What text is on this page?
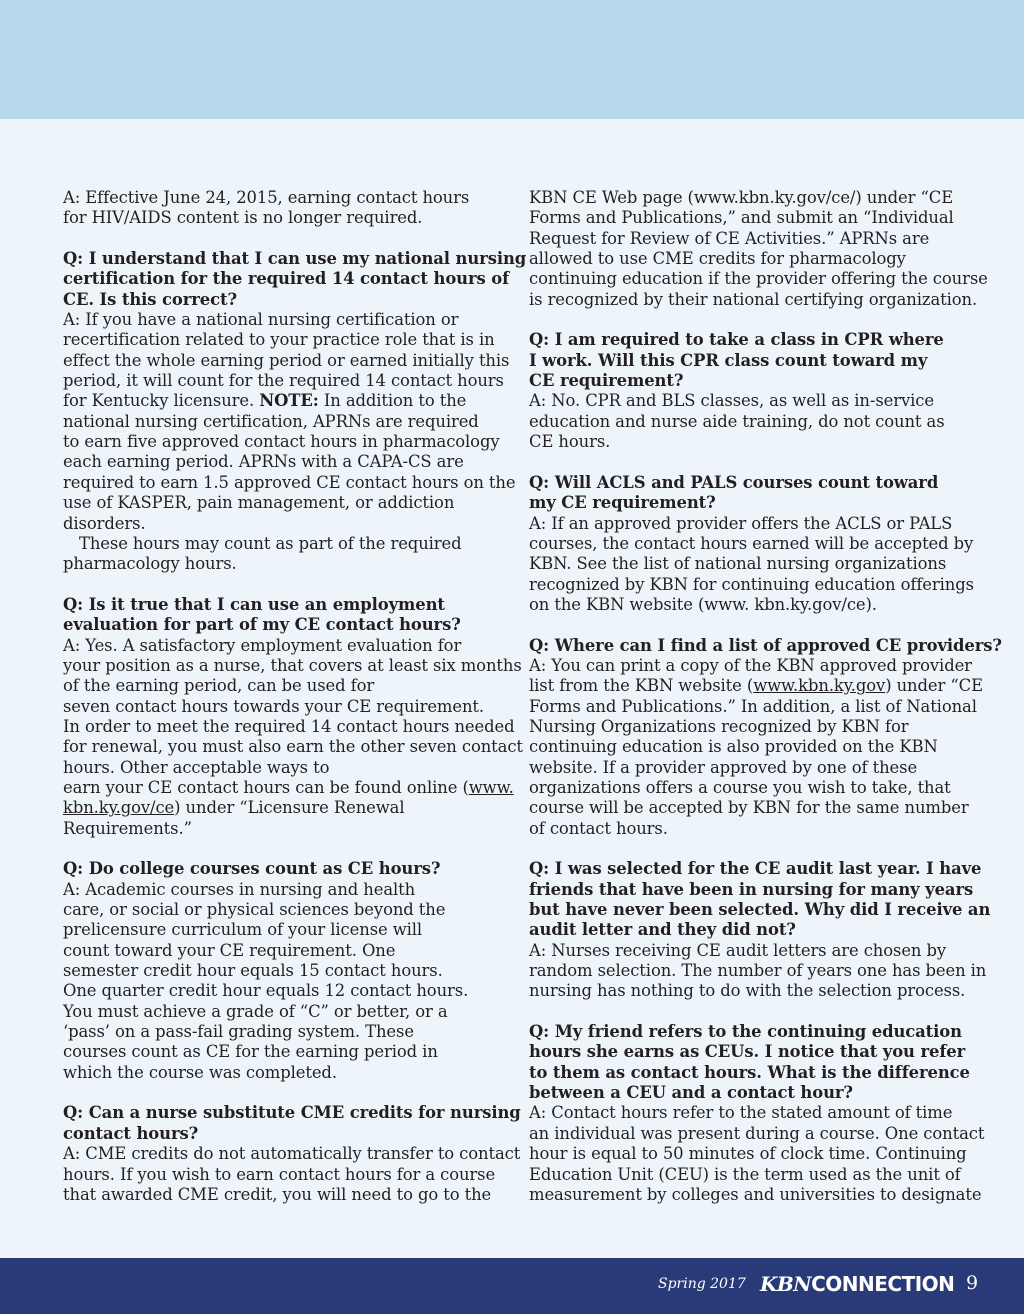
A: Effective June 24, 2015, earning contact hours
for HIV/AIDS content is no longer required.
Q: I understand that I can use my national nursing
certification for the required 14 contact hours of
CE. Is this correct?
A: If you have a national nursing certification or
recertification related to your practice role that is in
effect the whole earning period or earned initially this
period, it will count for the required 14 contact hours
for Kentucky licensure. NOTE: In addition to the
national nursing certification, APRNs are required
to earn five approved contact hours in pharmacology
each earning period. APRNs with a CAPA-CS are
required to earn 1.5 approved CE contact hours on the
use of KASPER, pain management, or addiction
disorders.
These hours may count as part of the required
pharmacology hours.
Q: Is it true that I can use an employment
evaluation for part of my CE contact hours?
A: Yes. A satisfactory employment evaluation for
your position as a nurse, that covers at least six months
of the earning period, can be used for
seven contact hours towards your CE requirement.
In order to meet the required 14 contact hours needed
for renewal, you must also earn the other seven contact
hours. Other acceptable ways to
earn your CE contact hours can be found online (www.
kbn.ky.gov/ce) under “Licensure Renewal
Requirements.”
Q: Do college courses count as CE hours?
A: Academic courses in nursing and health
care, or social or physical sciences beyond the
prelicensure curriculum of your license will
count toward your CE requirement. One
semester credit hour equals 15 contact hours.
One quarter credit hour equals 12 contact hours.
You must achieve a grade of “C” or better, or a
‘pass’ on a pass-fail grading system. These
courses count as CE for the earning period in
which the course was completed.
Q: Can a nurse substitute CME credits for nursing
contact hours?
A: CME credits do not automatically transfer to contact
hours. If you wish to earn contact hours for a course
that awarded CME credit, you will need to go to the
KBN CE Web page (www.kbn.ky.gov/ce/) under “CE
Forms and Publications,” and submit an “Individual
Request for Review of CE Activities.” APRNs are
allowed to use CME credits for pharmacology
continuing education if the provider offering the course
is recognized by their national certifying organization.
Q: I am required to take a class in CPR where
I work. Will this CPR class count toward my
CE requirement?
A: No. CPR and BLS classes, as well as in-service
education and nurse aide training, do not count as
CE hours.
Q: Will ACLS and PALS courses count toward
my CE requirement?
A: If an approved provider offers the ACLS or PALS
courses, the contact hours earned will be accepted by
KBN. See the list of national nursing organizations
recognized by KBN for continuing education offerings
on the KBN website (www. kbn.ky.gov/ce).
Q: Where can I find a list of approved CE providers?
A: You can print a copy of the KBN approved provider
list from the KBN website (www.kbn.ky.gov) under “CE
Forms and Publications.” In addition, a list of National
Nursing Organizations recognized by KBN for
continuing education is also provided on the KBN
website. If a provider approved by one of these
organizations offers a course you wish to take, that
course will be accepted by KBN for the same number
of contact hours.
Q: I was selected for the CE audit last year. I have
friends that have been in nursing for many years
but have never been selected. Why did I receive an
audit letter and they did not?
A: Nurses receiving CE audit letters are chosen by
random selection. The number of years one has been in
nursing has nothing to do with the selection process.
Q: My friend refers to the continuing education
hours she earns as CEUs. I notice that you refer
to them as contact hours. What is the difference
between a CEU and a contact hour?
A: Contact hours refer to the stated amount of time
an individual was present during a course. One contact
hour is equal to 50 minutes of clock time. Continuing
Education Unit (CEU) is the term used as the unit of
measurement by colleges and universities to designate
Spring 2017 KBNCONNECTION 9
